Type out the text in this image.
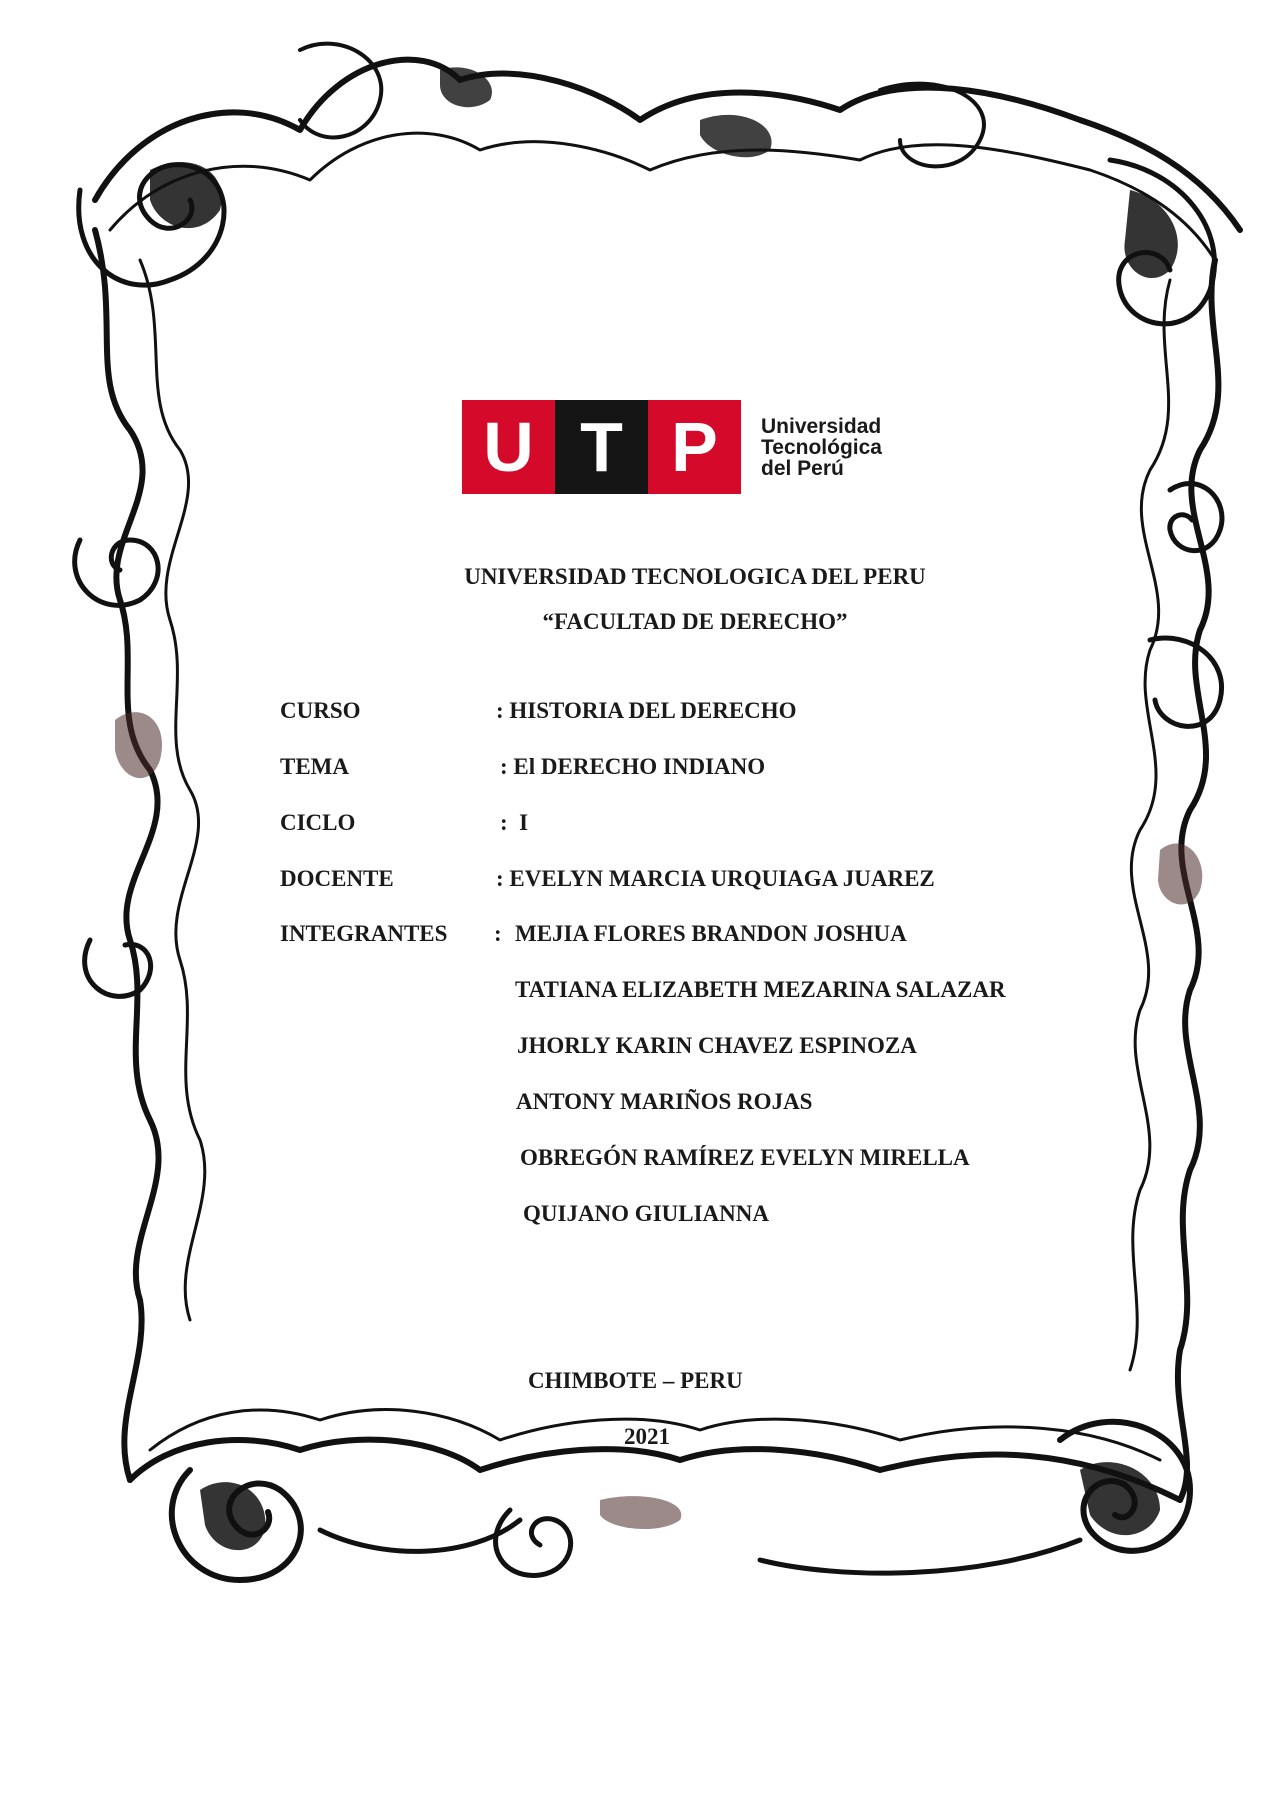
U T P	Universidad
Tecnológica
del Perú
UNIVERSIDAD TECNOLOGICA DEL PERU
“FACULTAD DE DERECHO”
CURSO	: HISTORIA DEL DERECHO
TEMA	: El DERECHO INDIANO
CICLO	:  I
DOCENTE	: EVELYN MARCIA URQUIAGA JUAREZ
INTEGRANTES : MEJIA FLORES BRANDON JOSHUA
TATIANA ELIZABETH MEZARINA SALAZAR
JHORLY KARIN CHAVEZ ESPINOZA
ANTONY MARIÑOS ROJAS
OBREGÓN RAMÍREZ EVELYN MIRELLA
QUIJANO GIULIANNA
CHIMBOTE – PERU
2021
